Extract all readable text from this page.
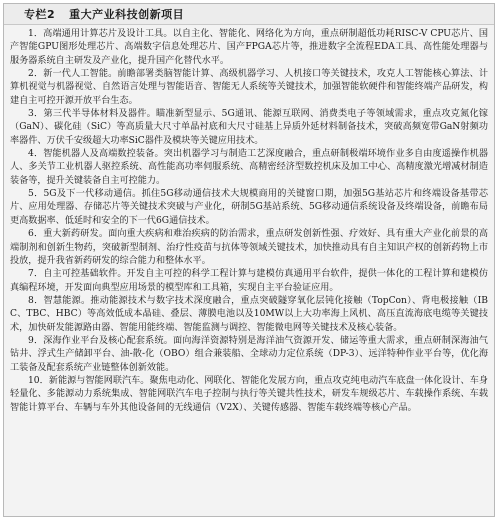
专栏2 重大产业科技创新项目

1．高端通用计算芯片及设计工具。以自主化、智能化、网络化为方向，重点研制超低功耗RISC-V CPU芯片、国产智能GPU图形处理芯片、高端数字信息处理芯片、国产FPGA芯片等，推进数字全流程EDA工具、高性能处理器与服务器系统自主研发及产业化，提升国产化替代水平。

2．新一代人工智能。前瞻部署类脑智能计算、高级机器学习、人机接口等关键技术，攻克人工智能核心算法、计算机视觉与机器视觉、自然语言处理与智能语音、智能无人系统等关键技术，加强智能软硬件和智能终端产品研发，构建自主可控开源开放平台生态。

3．第三代半导体材料及器件。瞄准新型显示、5G通讯、能源互联网、消费类电子等领域需求，重点攻克氮化镓（GaN）、碳化硅（SiC）等高质量大尺寸单晶衬底和大尺寸硅基上异质外延材料制备技术，突破高频宽带GaN射频功率器件、万伏千安级超大功率SiC器件及模块等关键应用技术。

4．智能机器人及高端数控装备。突出机器学习与制造工艺深度融合，重点研制极端环境作业多自由度遥操作机器人、多关节工业机器人驱控系统、高性能高功率伺服系统、高精密经济型数控机床及加工中心、高精度激光增减材制造装备等，提升关键装备自主可控能力。

5．5G及下一代移动通信。抓住5G移动通信技术大规模商用的关键窗口期，加强5G基站芯片和终端设备基带芯片、应用处理器、存储芯片等关键技术突破与产业化，研制5G基站系统、5G移动通信系统设备及终端设备，前瞻布局更高数据率、低延时和安全的下一代6G通信技术。

6．重大新药研发。面向重大疾病和难治疾病的防治需求，重点研发创新性强、疗效好、具有重大产业化前景的高端制剂和创新生物药，突破新型制剂、治疗性疫苗与抗体等领域关键技术，加快推动具有自主知识产权的创新药物上市投放，提升我省新药研发的综合能力和整体水平。

7．自主可控基础软件。开发自主可控的科学工程计算与建模仿真通用平台软件，提供一体化的工程计算和建模仿真编程环境，开发面向典型应用场景的模型库和工具箱，实现自主平台验证应用。

8．智慧能源。推动能源技术与数字技术深度融合，重点突破隧穿氧化层钝化接触（TopCon）、背电极接触（IBC、TBC、HBC）等高效低成本晶硅、叠层、薄膜电池以及10MW以上大功率海上风机、高压直流海底电缆等关键技术，加快研发能源路由器、智能用能终端、智能监测与调控、智能微电网等关键技术及核心装备。

9．深海作业平台及核心配套系统。面向海洋资源特别是海洋油气资源开发、储运等重大需求，重点研制深海油气钻井、浮式生产储卸平台、油-散-化（OBO）组合兼装船、全球动力定位系统（DP-3）、远洋特种作业平台等，优化海工装备及配套系统产业链整体创新效能。

10．新能源与智能网联汽车。聚焦电动化、网联化、智能化发展方向，重点攻克纯电动汽车底盘一体化设计、车身轻量化、多能源动力系统集成、智能网联汽车电子控制与执行等关键共性技术，研发车规级芯片、车载操作系统、车载智能计算平台、车辆与车外其他设备间的无线通信（V2X）、关键传感器、智能车载终端等核心产品。
